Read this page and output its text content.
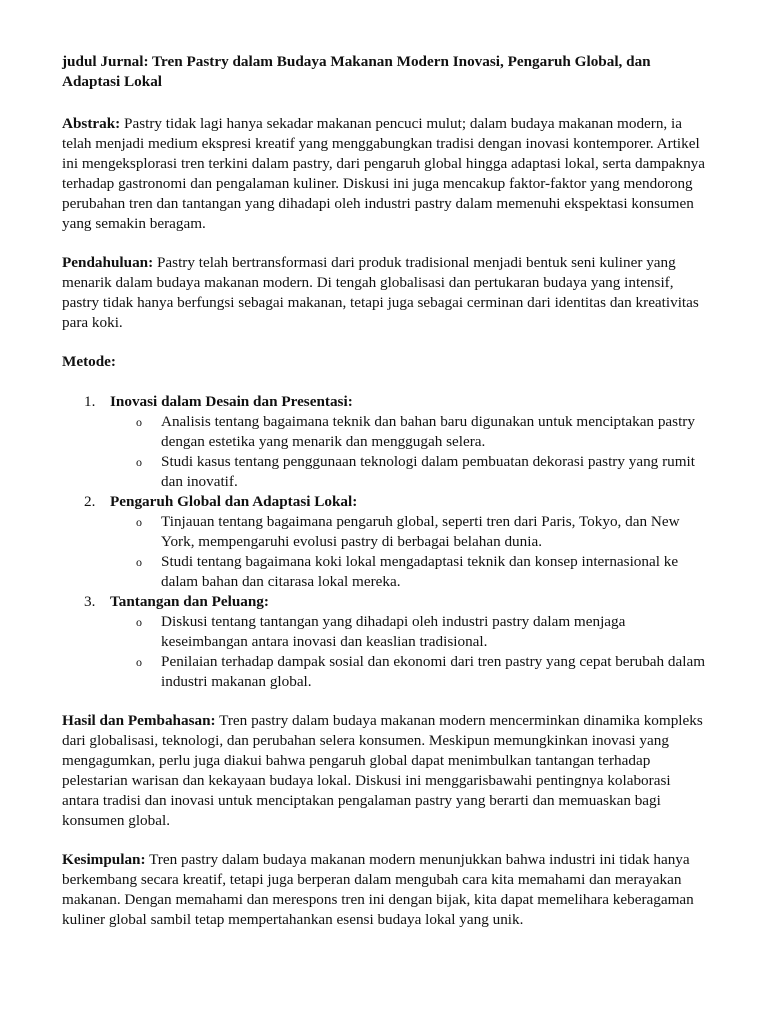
judul Jurnal: Tren Pastry dalam Budaya Makanan Modern Inovasi, Pengaruh Global, dan Adaptasi Lokal

Abstrak: Pastry tidak lagi hanya sekadar makanan pencuci mulut; dalam budaya makanan modern, ia telah menjadi medium ekspresi kreatif yang menggabungkan tradisi dengan inovasi kontemporer. Artikel ini mengeksplorasi tren terkini dalam pastry, dari pengaruh global hingga adaptasi lokal, serta dampaknya terhadap gastronomi dan pengalaman kuliner. Diskusi ini juga mencakup faktor-faktor yang mendorong perubahan tren dan tantangan yang dihadapi oleh industri pastry dalam memenuhi ekspektasi konsumen yang semakin beragam.

Pendahuluan: Pastry telah bertransformasi dari produk tradisional menjadi bentuk seni kuliner yang menarik dalam budaya makanan modern. Di tengah globalisasi dan pertukaran budaya yang intensif, pastry tidak hanya berfungsi sebagai makanan, tetapi juga sebagai cerminan dari identitas dan kreativitas para koki.

Metode:
1. Inovasi dalam Desain dan Presentasi:
o Analisis tentang bagaimana teknik dan bahan baru digunakan untuk menciptakan pastry dengan estetika yang menarik dan menggugah selera.
o Studi kasus tentang penggunaan teknologi dalam pembuatan dekorasi pastry yang rumit dan inovatif.
2. Pengaruh Global dan Adaptasi Lokal:
o Tinjauan tentang bagaimana pengaruh global, seperti tren dari Paris, Tokyo, dan New York, mempengaruhi evolusi pastry di berbagai belahan dunia.
o Studi tentang bagaimana koki lokal mengadaptasi teknik dan konsep internasional ke dalam bahan dan citarasa lokal mereka.
3. Tantangan dan Peluang:
o Diskusi tentang tantangan yang dihadapi oleh industri pastry dalam menjaga keseimbangan antara inovasi dan keaslian tradisional.
o Penilaian terhadap dampak sosial dan ekonomi dari tren pastry yang cepat berubah dalam industri makanan global.

Hasil dan Pembahasan: Tren pastry dalam budaya makanan modern mencerminkan dinamika kompleks dari globalisasi, teknologi, dan perubahan selera konsumen. Meskipun memungkinkan inovasi yang mengagumkan, perlu juga diakui bahwa pengaruh global dapat menimbulkan tantangan terhadap pelestarian warisan dan kekayaan budaya lokal. Diskusi ini menggarisbawahi pentingnya kolaborasi antara tradisi dan inovasi untuk menciptakan pengalaman pastry yang berarti dan memuaskan bagi konsumen global.

Kesimpulan: Tren pastry dalam budaya makanan modern menunjukkan bahwa industri ini tidak hanya berkembang secara kreatif, tetapi juga berperan dalam mengubah cara kita memahami dan merayakan makanan. Dengan memahami dan merespons tren ini dengan bijak, kita dapat memelihara keberagaman kuliner global sambil tetap mempertahankan esensi budaya lokal yang unik.
